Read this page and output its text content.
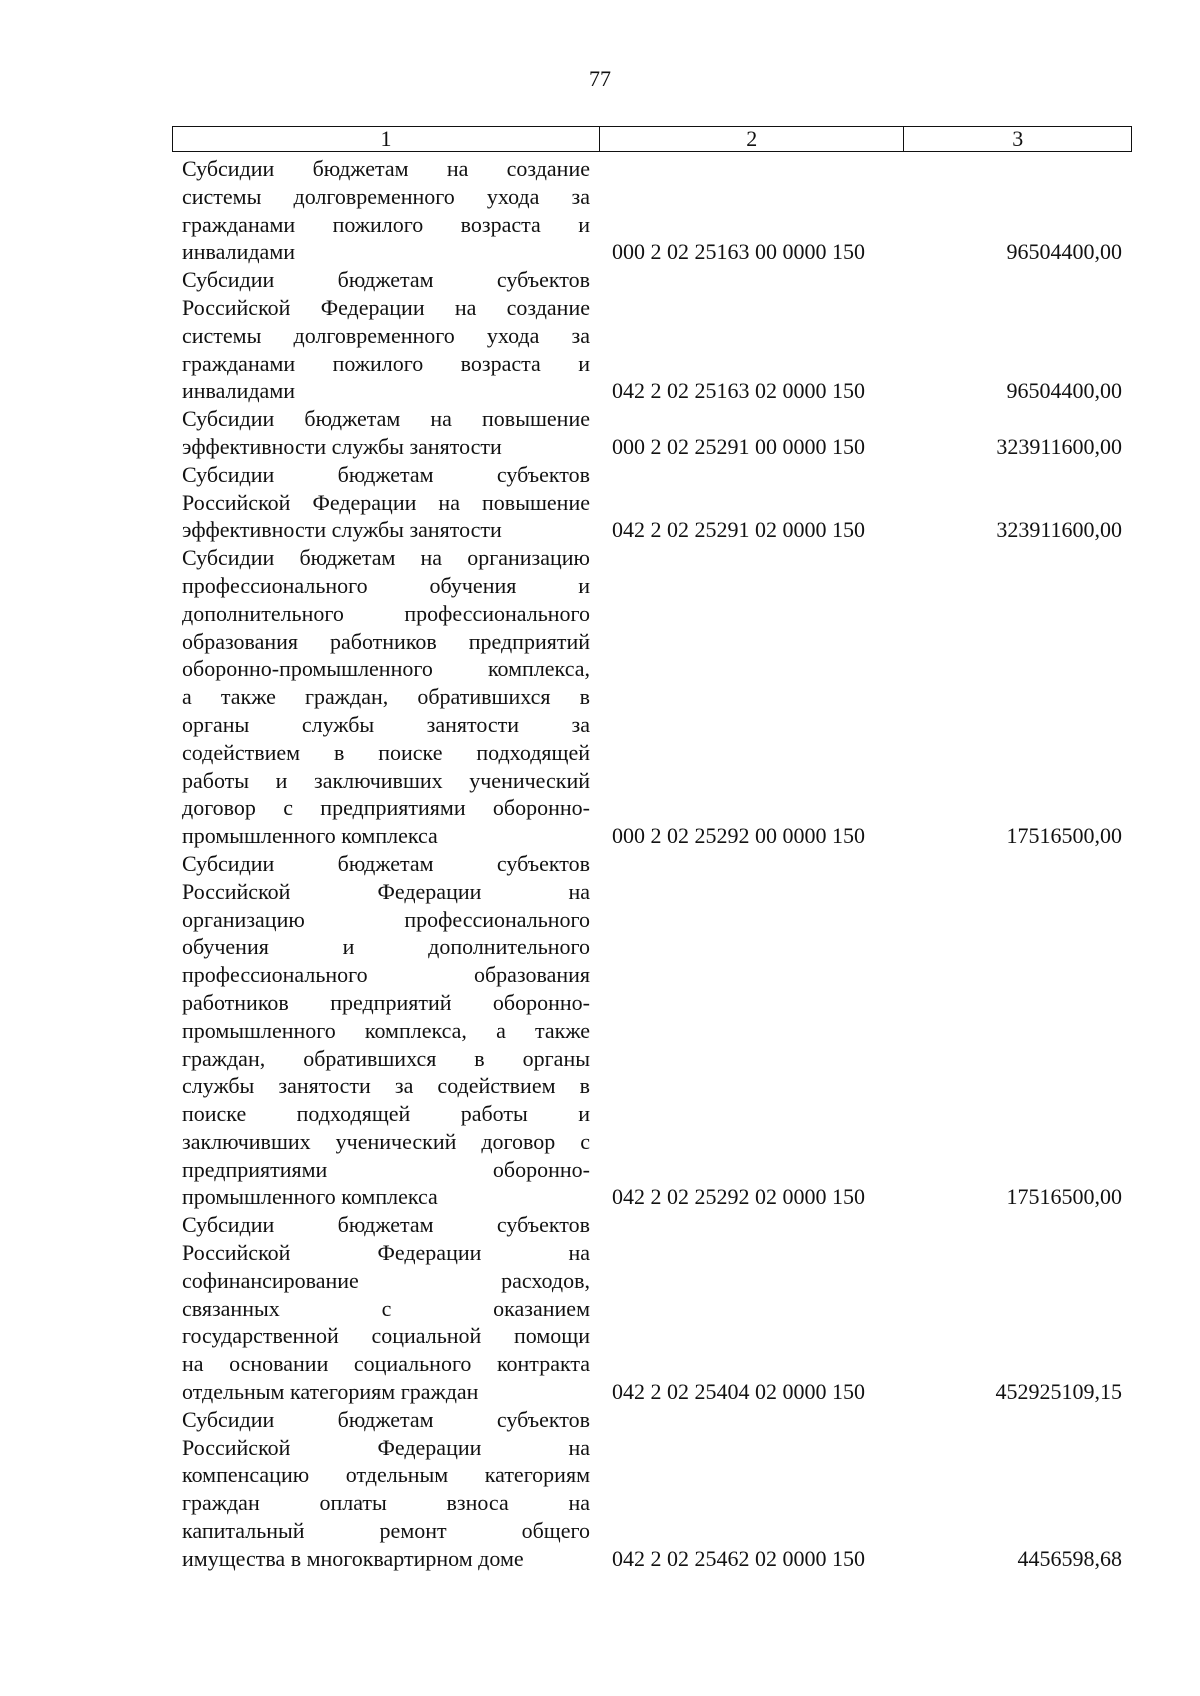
77
1	2	3
Субсидии бюджетам на создание
системы долговременного ухода за
гражданами пожилого возраста и
инвалидами	000 2 02 25163 00 0000 150	96504400,00
Субсидии бюджетам субъектов
Российской Федерации на создание
системы долговременного ухода за
гражданами пожилого возраста и
инвалидами	042 2 02 25163 02 0000 150	96504400,00
Субсидии бюджетам на повышение
эффективности службы занятости	000 2 02 25291 00 0000 150	323911600,00
Субсидии бюджетам субъектов
Российской Федерации на повышение
эффективности службы занятости	042 2 02 25291 02 0000 150	323911600,00
Субсидии бюджетам на организацию
профессионального обучения и
дополнительного профессионального
образования работников предприятий
оборонно-промышленного комплекса,
а также граждан, обратившихся в
органы службы занятости за
содействием в поиске подходящей
работы и заключивших ученический
договор с предприятиями оборонно-
промышленного комплекса	000 2 02 25292 00 0000 150	17516500,00
Субсидии бюджетам субъектов
Российской Федерации на
организацию профессионального
обучения и дополнительного
профессионального образования
работников предприятий оборонно-
промышленного комплекса, а также
граждан, обратившихся в органы
службы занятости за содействием в
поиске подходящей работы и
заключивших ученический договор с
предприятиями оборонно-
промышленного комплекса	042 2 02 25292 02 0000 150	17516500,00
Субсидии бюджетам субъектов
Российской Федерации на
софинансирование расходов,
связанных с оказанием
государственной социальной помощи
на основании социального контракта
отдельным категориям граждан	042 2 02 25404 02 0000 150	452925109,15
Субсидии бюджетам субъектов
Российской Федерации на
компенсацию отдельным категориям
граждан оплаты взноса на
капитальный ремонт общего
имущества в многоквартирном доме	042 2 02 25462 02 0000 150	4456598,68
